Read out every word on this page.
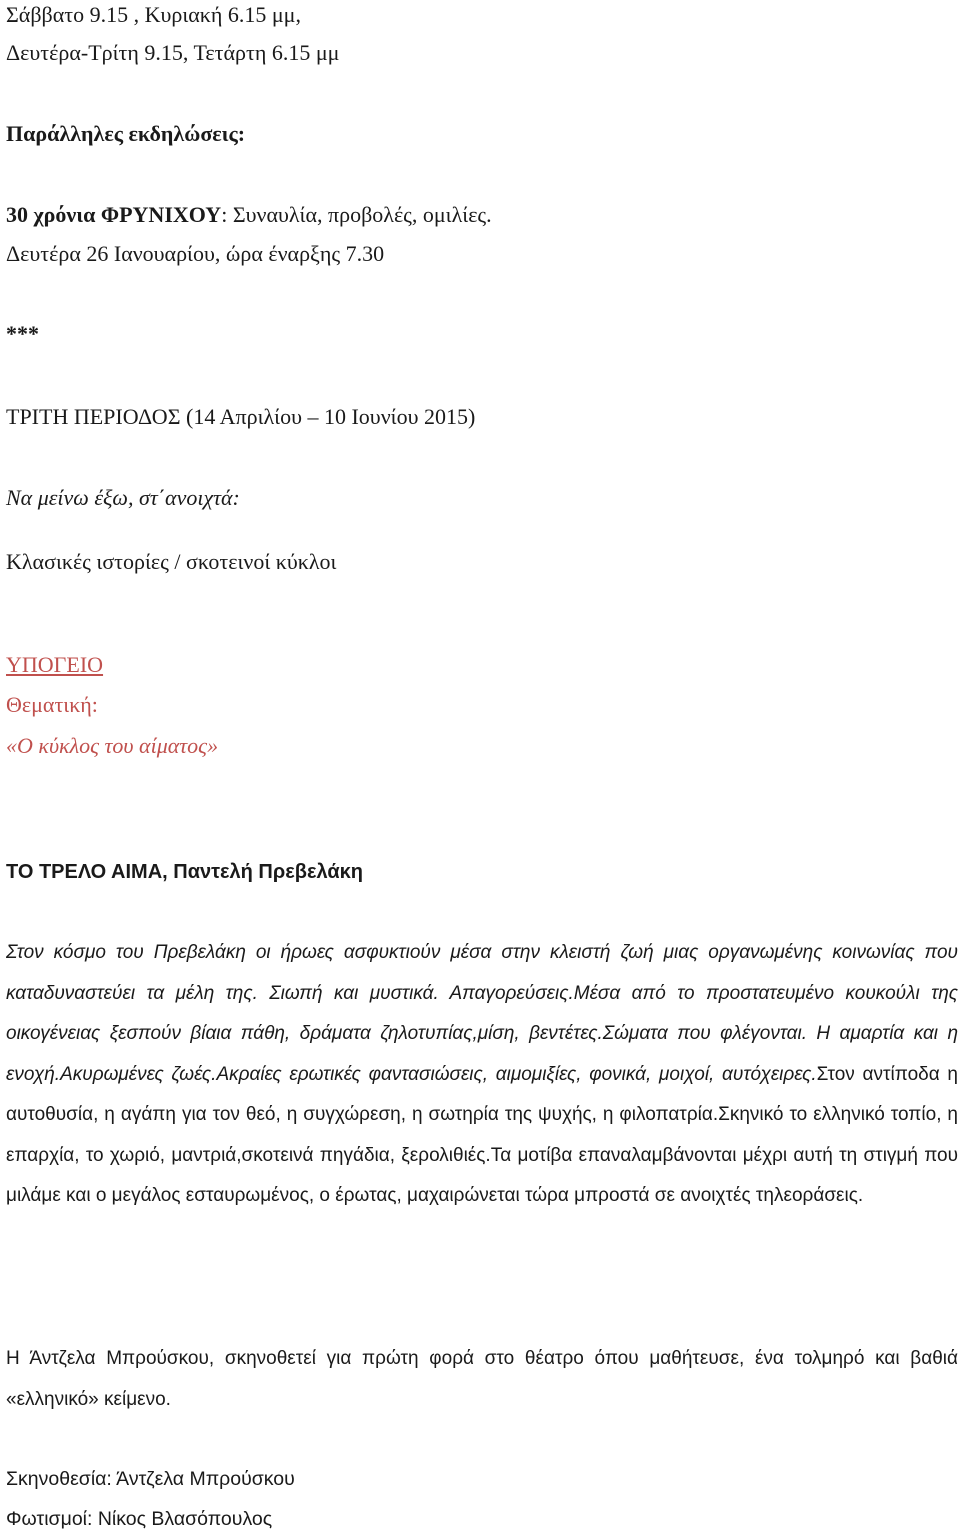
Σάββατο 9.15 , Κυριακή 6.15 μμ,
Δευτέρα-Τρίτη 9.15, Τετάρτη 6.15 μμ
Παράλληλες εκδηλώσεις:
30 χρόνια ΦΡΥΝΙΧΟΥ: Συναυλία, προβολές, ομιλίες.
Δευτέρα 26 Ιανουαρίου, ώρα έναρξης 7.30
***
ΤΡΙΤΗ ΠΕΡΙΟΔΟΣ (14 Απριλίου – 10 Ιουνίου 2015)
Να μείνω έξω, στ΄ανοιχτά:
Κλασικές ιστορίες / σκοτεινοί κύκλοι
ΥΠΟΓΕΙΟ
Θεματική:
«Ο κύκλος του αίματος»
ΤΟ ΤΡΕΛΟ ΑΙΜΑ, Παντελή Πρεβελάκη
Στον κόσμο του Πρεβελάκη οι ήρωες ασφυκτιούν μέσα στην κλειστή ζωή μιας οργανωμένης κοινωνίας που καταδυναστεύει τα μέλη της. Σιωπή και μυστικά. Απαγορεύσεις.Μέσα από το προστατευμένο κουκούλι της οικογένειας ξεσπούν βίαια πάθη, δράματα ζηλοτυπίας,μίση, βεντέτες.Σώματα που φλέγονται. Η αμαρτία και η ενοχή.Ακυρωμένες ζωές.Ακραίες ερωτικές φαντασιώσεις, αιμομιξίες, φονικά, μοιχοί, αυτόχειρες.Στον αντίποδα η αυτοθυσία, η αγάπη για τον θεό, η συγχώρεση, η σωτηρία της ψυχής, η φιλοπατρία.Σκηνικό το ελληνικό τοπίο, η επαρχία, το χωριό, μαντριά,σκοτεινά πηγάδια, ξερολιθιές.Τα μοτίβα επαναλαμβάνονται μέχρι αυτή τη στιγμή που μιλάμε και ο μεγάλος εσταυρωμένος, ο έρωτας, μαχαιρώνεται τώρα μπροστά σε ανοιχτές τηλεοράσεις.
Η Άντζελα Μπρούσκου, σκηνοθετεί για πρώτη φορά στο θέατρο όπου μαθήτευσε, ένα τολμηρό και βαθιά «ελληνικό» κείμενο.
Σκηνοθεσία: Άντζελα Μπρούσκου
Φωτισμοί: Νίκος Βλασόπουλος
